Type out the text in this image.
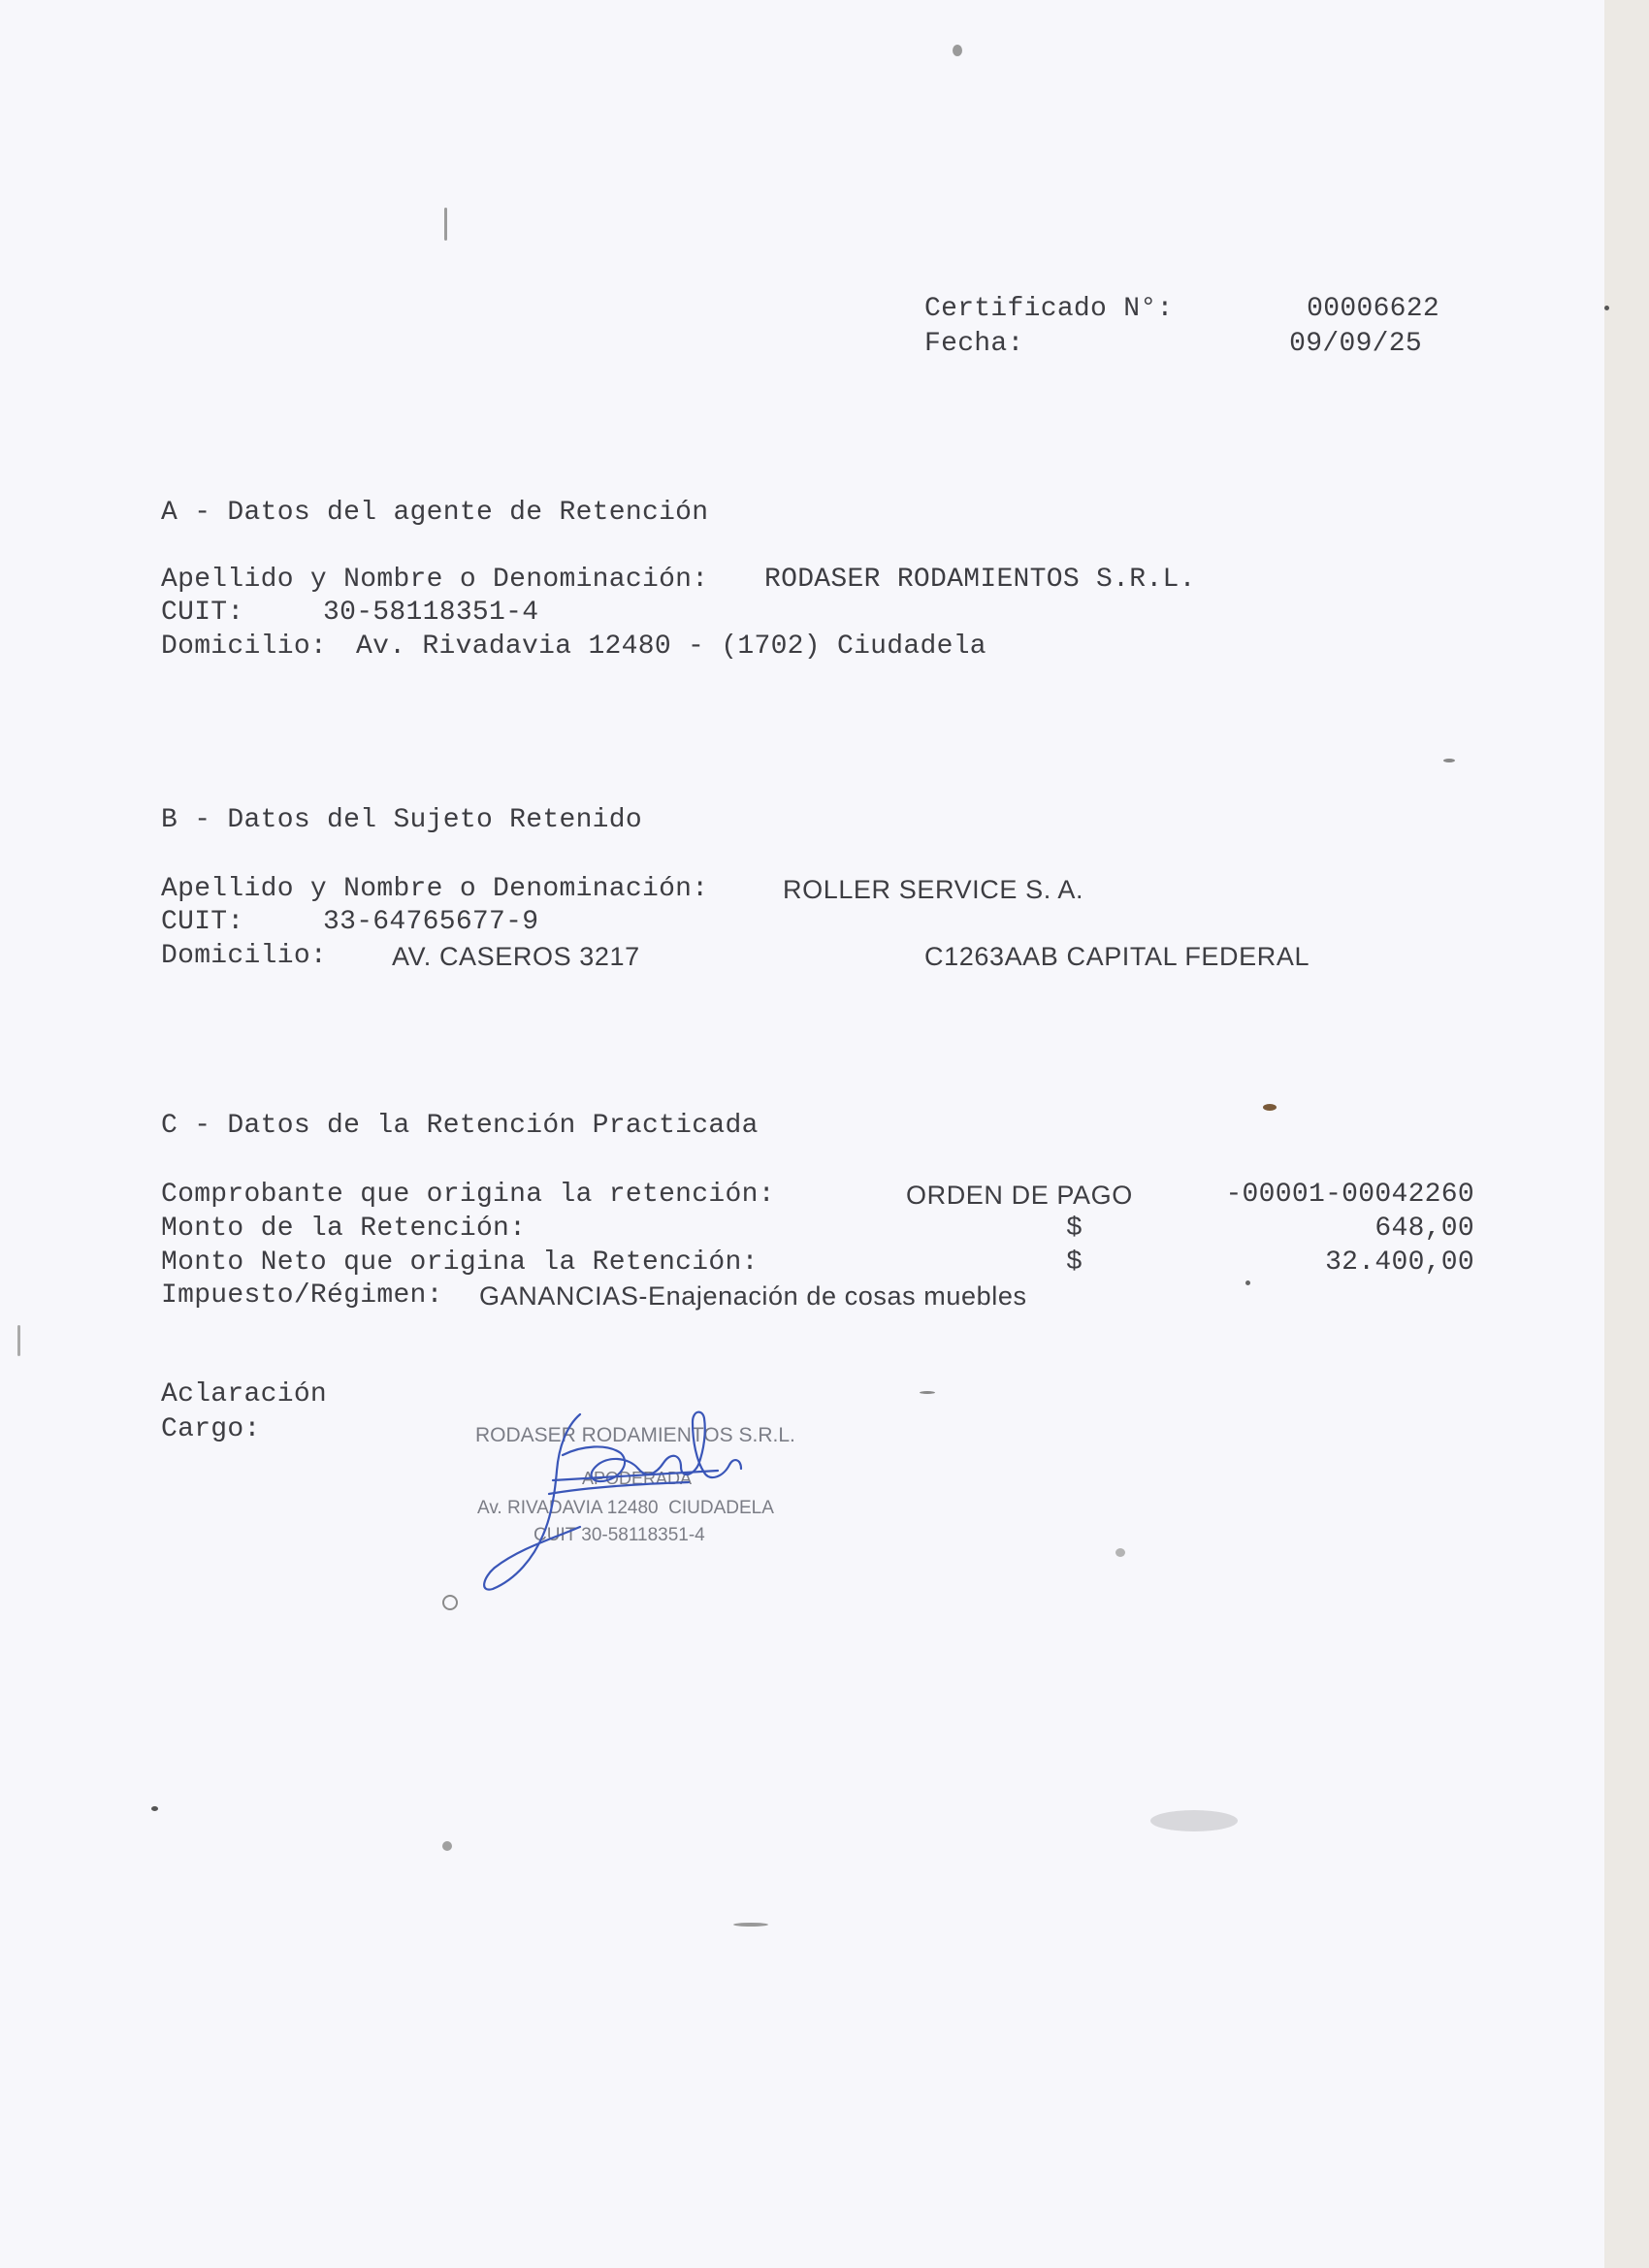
Certificado N°:	00006622
Fecha:	09/09/25
A - Datos del agente de Retención
Apellido y Nombre o Denominación: RODASER RODAMIENTOS S.R.L.
CUIT:	30-58118351-4
Domicilio: Av. Rivadavia 12480 - (1702) Ciudadela
B - Datos del Sujeto Retenido
Apellido y Nombre o Denominación:	ROLLER SERVICE S. A.
CUIT:	33-64765677-9
Domicilio: AV. CASEROS 3217	C1263AAB CAPITAL FEDERAL
C - Datos de la Retención Practicada
Comprobante que origina la retención:	ORDEN DE PAGO	-00001-00042260
Monto de la Retención:	$	648,00
Monto Neto que origina la Retención:	$	32.400,00
Impuesto/Régimen: GANANCIAS-Enajenación de cosas muebles
Aclaración
Cargo:	RODASER RODAMIENTOS S.R.L.
APODERADA
Av. RIVADAVIA 12480  CIUDADELA
CUIT 30-58118351-4
